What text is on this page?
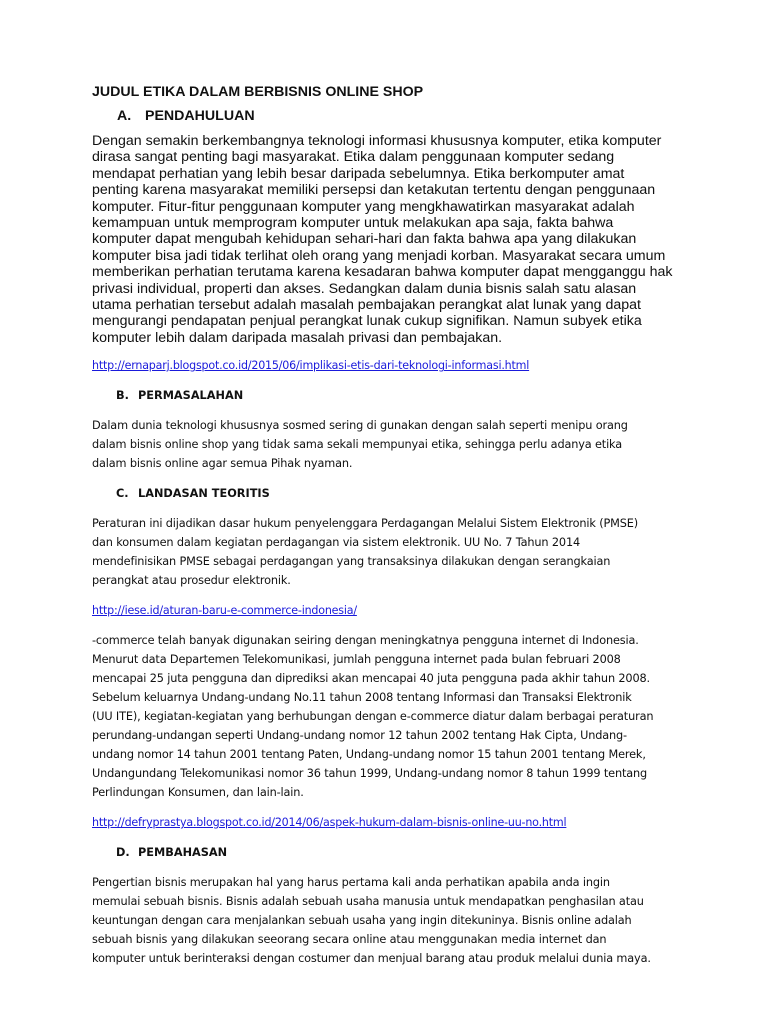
JUDUL ETIKA DALAM BERBISNIS ONLINE SHOP
A. PENDAHULUAN
Dengan semakin berkembangnya teknologi informasi khususnya komputer, etika komputer
dirasa sangat penting bagi masyarakat. Etika dalam penggunaan komputer sedang
mendapat perhatian yang lebih besar daripada sebelumnya. Etika berkomputer amat
penting karena masyarakat memiliki persepsi dan ketakutan tertentu dengan penggunaan
komputer. Fitur-fitur penggunaan komputer yang mengkhawatirkan masyarakat adalah
kemampuan untuk memprogram komputer untuk melakukan apa saja, fakta bahwa
komputer dapat mengubah kehidupan sehari-hari dan fakta bahwa apa yang dilakukan
komputer bisa jadi tidak terlihat oleh orang yang menjadi korban. Masyarakat secara umum
memberikan perhatian terutama karena kesadaran bahwa komputer dapat mengganggu hak
privasi individual, properti dan akses. Sedangkan dalam dunia bisnis salah satu alasan
utama perhatian tersebut adalah masalah pembajakan perangkat alat lunak yang dapat
mengurangi pendapatan penjual perangkat lunak cukup signifikan. Namun subyek etika
komputer lebih dalam daripada masalah privasi dan pembajakan.
http://ernaparj.blogspot.co.id/2015/06/implikasi-etis-dari-teknologi-informasi.html
B. PERMASALAHAN
Dalam dunia teknologi khususnya sosmed sering di gunakan dengan salah seperti menipu orang
dalam bisnis online shop yang tidak sama sekali mempunyai etika, sehingga perlu adanya etika
dalam bisnis online agar semua Pihak nyaman.
C. LANDASAN TEORITIS
Peraturan ini dijadikan dasar hukum penyelenggara Perdagangan Melalui Sistem Elektronik (PMSE)
dan konsumen dalam kegiatan perdagangan via sistem elektronik. UU No. 7 Tahun 2014
mendefinisikan PMSE sebagai perdagangan yang transaksinya dilakukan dengan serangkaian
perangkat atau prosedur elektronik.
http://iese.id/aturan-baru-e-commerce-indonesia/
-commerce telah banyak digunakan seiring dengan meningkatnya pengguna internet di Indonesia.
Menurut data Departemen Telekomunikasi, jumlah pengguna internet pada bulan februari 2008
mencapai 25 juta pengguna dan diprediksi akan mencapai 40 juta pengguna pada akhir tahun 2008.
Sebelum keluarnya Undang-undang No.11 tahun 2008 tentang Informasi dan Transaksi Elektronik
(UU ITE), kegiatan-kegiatan yang berhubungan dengan e-commerce diatur dalam berbagai peraturan
perundang-undangan seperti Undang-undang nomor 12 tahun 2002 tentang Hak Cipta, Undang-
undang nomor 14 tahun 2001 tentang Paten, Undang-undang nomor 15 tahun 2001 tentang Merek,
Undangundang Telekomunikasi nomor 36 tahun 1999, Undang-undang nomor 8 tahun 1999 tentang
Perlindungan Konsumen, dan lain-lain.
http://defryprastya.blogspot.co.id/2014/06/aspek-hukum-dalam-bisnis-online-uu-no.html
D. PEMBAHASAN
Pengertian bisnis merupakan hal yang harus pertama kali anda perhatikan apabila anda ingin
memulai sebuah bisnis. Bisnis adalah sebuah usaha manusia untuk mendapatkan penghasilan atau
keuntungan dengan cara menjalankan sebuah usaha yang ingin ditekuninya. Bisnis online adalah
sebuah bisnis yang dilakukan seeorang secara online atau menggunakan media internet dan
komputer untuk berinteraksi dengan costumer dan menjual barang atau produk melalui dunia maya.
